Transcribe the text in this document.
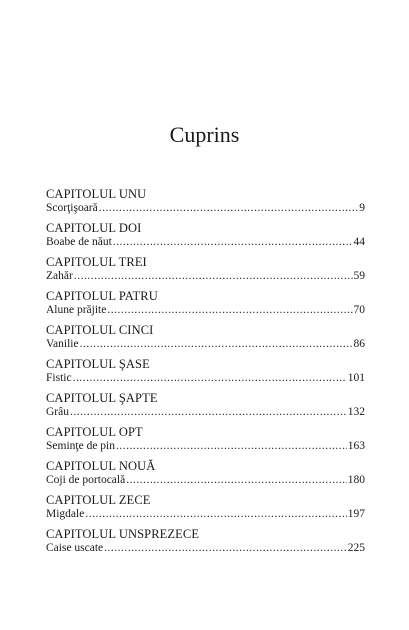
Cuprins
CAPITOLUL UNU
Scorţişoară .....	9
CAPITOLUL DOI
Boabe de năut .....	44
CAPITOLUL TREI
Zahăr .....	59
CAPITOLUL PATRU
Alune prăjite .....	70
CAPITOLUL CINCI
Vanilie .....	86
CAPITOLUL ŞASE
Fistic .....	101
CAPITOLUL ŞAPTE
Grâu .....	132
CAPITOLUL OPT
Seminţe de pin .....	163
CAPITOLUL NOUĂ
Coji de portocală .....	180
CAPITOLUL ZECE
Migdale .....	197
CAPITOLUL UNSPREZECE
Caise uscate .....	225
